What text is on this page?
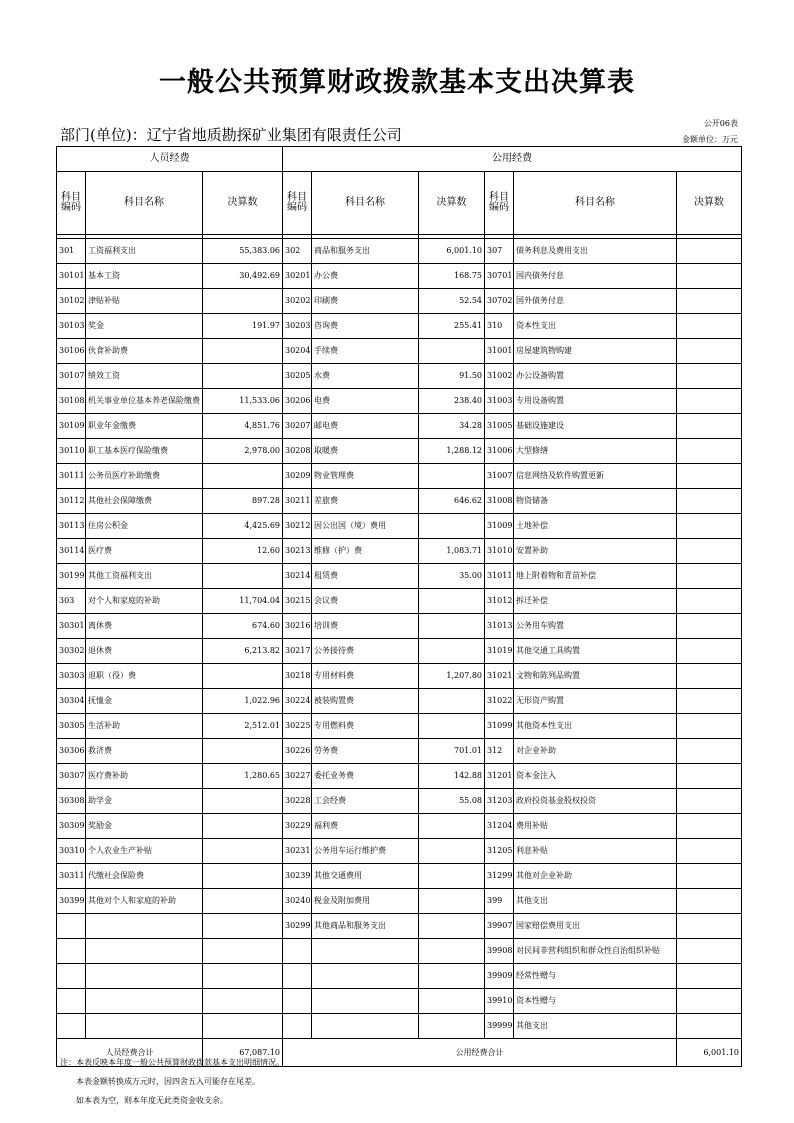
一般公共预算财政拨款基本支出决算表
部门(单位)：辽宁省地质勘探矿业集团有限责任公司
公开06表
金额单位：万元
人员经费			公用经费					
科目编码	科目名称	决算数	科目编码	科目名称	决算数	科目编码	科目名称	决算数

301	工资福利支出	55,383.06	302	商品和服务支出	6,001.10	307	债务利息及费用支出	
30101	基本工资	30,492.69	30201	办公费	168.75	30701	国内债务付息	
30102	津贴补贴		30202	印刷费	52.54	30702	国外债务付息	
30103	奖金	191.97	30203	咨询费	255.41	310	资本性支出	
30106	伙食补助费		30204	手续费		31001	房屋建筑物购建	
30107	绩效工资		30205	水费	91.50	31002	办公设备购置	
30108	机关事业单位基本养老保险缴费	11,533.06	30206	电费	238.40	31003	专用设备购置	
30109	职业年金缴费	4,851.76	30207	邮电费	34.28	31005	基础设施建设	
30110	职工基本医疗保险缴费	2,978.00	30208	取暖费	1,288.12	31006	大型修缮	
30111	公务员医疗补助缴费		30209	物业管理费		31007	信息网络及软件购置更新	
30112	其他社会保障缴费	897.28	30211	差旅费	646.62	31008	物资储备	
30113	住房公积金	4,425.69	30212	因公出国（境）费用		31009	土地补偿	
30114	医疗费	12.60	30213	维修（护）费	1,083.71	31010	安置补助	
30199	其他工资福利支出		30214	租赁费	35.00	31011	地上附着物和青苗补偿	
303	对个人和家庭的补助	11,704.04	30215	会议费		31012	拆迁补偿	
30301	离休费	674.60	30216	培训费		31013	公务用车购置	
30302	退休费	6,213.82	30217	公务接待费		31019	其他交通工具购置	
30303	退职（役）费		30218	专用材料费	1,207.80	31021	文物和陈列品购置	
30304	抚恤金	1,022.96	30224	被装购置费		31022	无形资产购置	
30305	生活补助	2,512.01	30225	专用燃料费		31099	其他资本性支出	
30306	救济费		30226	劳务费	701.01	312	对企业补助	
30307	医疗费补助	1,280.65	30227	委托业务费	142.88	31201	资本金注入	
30308	助学金		30228	工会经费	55.08	31203	政府投资基金股权投资	
30309	奖励金		30229	福利费		31204	费用补贴	
30310	个人农业生产补贴		30231	公务用车运行维护费		31205	利息补贴	
30311	代缴社会保险费		30239	其他交通费用		31299	其他对企业补助	
30399	其他对个人和家庭的补助		30240	税金及附加费用		399	其他支出	
			30299	其他商品和服务支出		39907	国家赔偿费用支出	
						39908	对民间非营利组织和群众性自治组织补贴	
						39909	经常性赠与	
						39910	资本性赠与	
						39999	其他支出	
人员经费合计		67,087.10	公用经费合计					6,001.10
注：本表反映本年度一般公共预算财政拨款基本支出明细情况。
本表金额转换成万元时，因四舍五入可能存在尾差。
如本表为空，则本年度无此类资金收支余。
